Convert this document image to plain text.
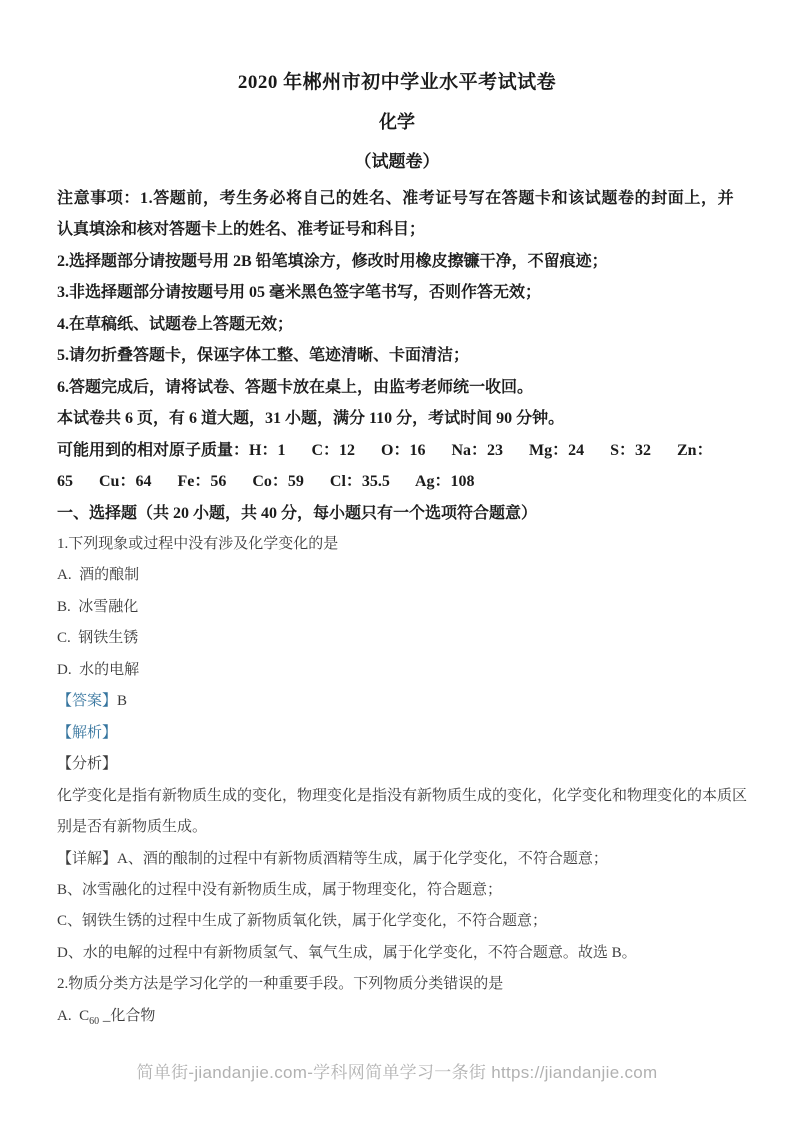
2020 年郴州市初中学业水平考试试卷
化学
（试题卷）

注意事项：1.答题前，考生务必将自己的姓名、准考证号写在答题卡和该试题卷的封面上，并

认真填涂和核对答题卡上的姓名、准考证号和科目；

2.选择题部分请按题号用 2B 铅笔填涂方，修改时用橡皮擦镰干净，不留痕迹；

3.非选择题部分请按题号用 05 毫米黑色签字笔书写，否则作答无效；

4.在草稿纸、试题卷上答题无效；

5.请勿折叠答题卡，保诬字体工整、笔迹清晰、卡面清洁；

6.答题完成后，请将试卷、答题卡放在桌上，由监考老师统一收回。

本试卷共 6 页，有 6 道大题，31 小题，满分 110 分，考试时间 90 分钟。

可能用到的相对原子质量：H：1 C：12 O：16 Na：23 Mg：24 S：32 Zn：

65 Cu：64 Fe：56 Co：59 Cl：35.5 Ag：108

一、选择题（共 20 小题，共 40 分，每小题只有一个选项符合题意）

1.下列现象或过程中没有涉及化学变化的是

A.  酒的酿制

B.  冰雪融化

C.  钢铁生锈

D.  水的电解

【答案】B

【解析】

【分析】

化学变化是指有新物质生成的变化，物理变化是指没有新物质生成的变化，化学变化和物理变化的本质区

别是否有新物质生成。

【详解】A、酒的酿制的过程中有新物质酒精等生成，属于化学变化，不符合题意；

B、冰雪融化的过程中没有新物质生成，属于物理变化，符合题意；

C、钢铁生锈的过程中生成了新物质氧化铁，属于化学变化，不符合题意；

D、水的电解的过程中有新物质氢气、氧气生成，属于化学变化，不符合题意。故选 B。

2.物质分类方法是学习化学的一种重要手段。下列物质分类错误的是

A.  $C_{60}$ _化合物

简单街-jiandanjie.com-学科网简单学习一条街 https://jiandanjie.com
